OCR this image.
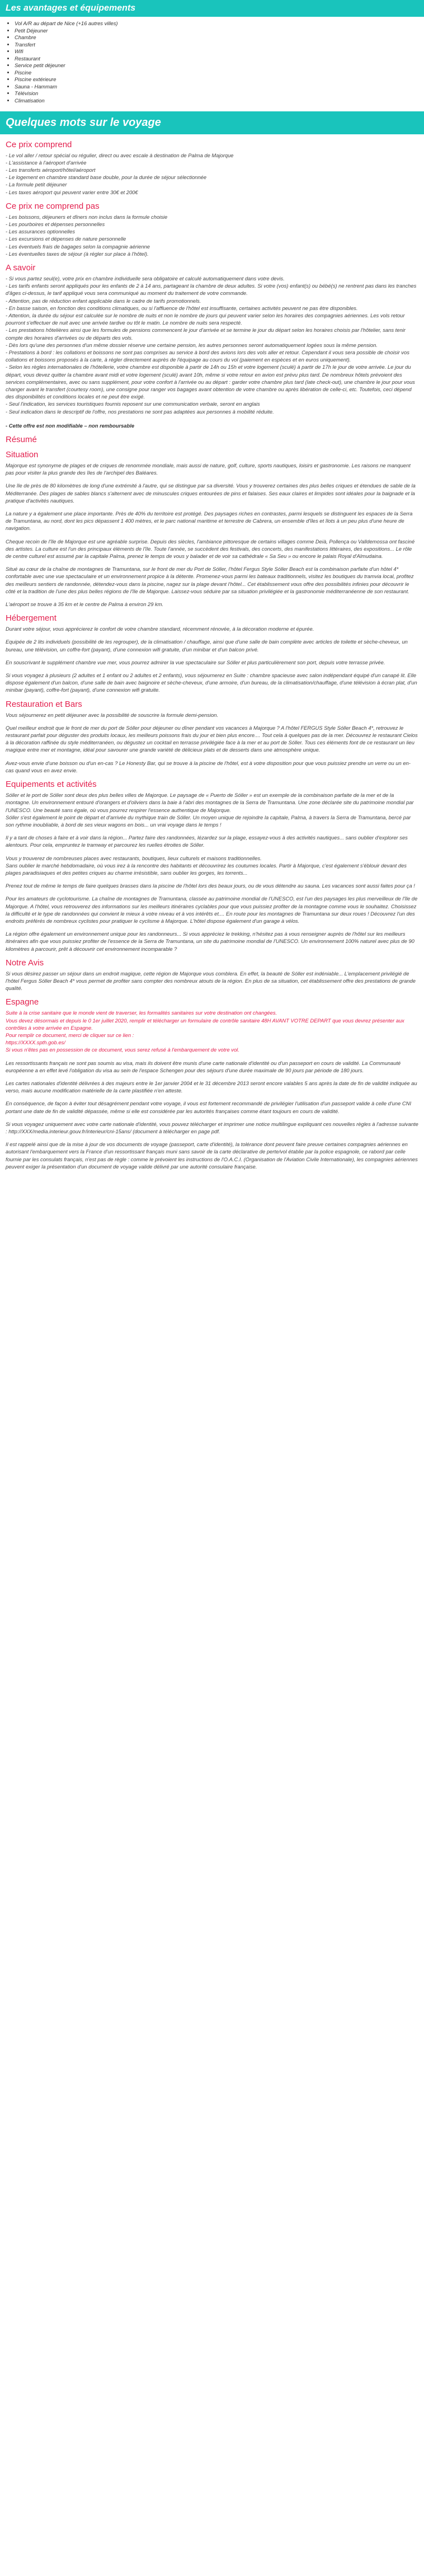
Les avantages et équipements
• Vol A/R au départ de Nice (+16 autres villes)
• Petit Déjeuner
• Chambre
• Transfert
• Wifi
• Restaurant
• Service petit déjeuner
• Piscine
• Piscine extérieure
• Sauna - Hammam
• Télévision
• Climatisation
Quelques mots sur le voyage
Ce prix comprend
- Le vol aller / retour spécial ou régulier, direct ou avec escale à destination de Palma de Majorque
- L'assistance à l'aéroport d'arrivée
- Les transferts aéroport/hôtel/aéroport
- Le logement en chambre standard base double, pour la durée de séjour sélectionnée
- La formule petit déjeuner
- Les taxes aéroport qui peuvent varier entre 30€ et 200€
Ce prix ne comprend pas
- Les boissons, déjeuners et dîners non inclus dans la formule choisie
- Les pourboires et dépenses personnelles
- Les assurances optionnelles
- Les excursions et dépenses de nature personnelle
- Les éventuels frais de bagages selon la compagnie aérienne
- Les éventuelles taxes de séjour (à régler sur place à l'hôtel).
A savoir
- Si vous partez seul(e), votre prix en chambre individuelle sera obligatoire et calculé automatiquement dans votre devis.
- Les tarifs enfants seront appliqués pour les enfants de 2 à 14 ans, partageant la chambre de deux adultes. Si votre (vos) enfant(s) ou bébé(s) ne rentrent pas dans les tranches d'âges ci-dessus, le tarif appliqué vous sera communiqué au moment du traitement de votre commande.
- Attention, pas de réduction enfant applicable dans le cadre de tarifs promotionnels.
- En basse saison, en fonction des conditions climatiques, ou si l'affluence de l'hôtel est insuffisante, certaines activités peuvent ne pas être disponibles.
- Attention, la durée du séjour est calculée sur le nombre de nuits et non le nombre de jours qui peuvent varier selon les horaires des compagnies aériennes. Les vols retour pourront s'effectuer de nuit avec une arrivée tardive ou tôt le matin. Le nombre de nuits sera respecté.
- Les prestations hôtelières ainsi que les formules de pensions commencent le jour d'arrivée et se termine le jour du départ selon les horaires choisis par l'hôtelier, sans tenir compte des horaires d'arrivées ou de départs des vols.
- Dès lors qu'une des personnes d'un même dossier réserve une certaine pension, les autres personnes seront automatiquement logées sous la même pension.
- Prestations à bord : les collations et boissons ne sont pas comprises au service à bord des avions lors des vols aller et retour. Cependant il vous sera possible de choisir vos collations et boissons proposés à la carte, à régler directement auprès de l'équipage au cours du vol (paiement en espèces et en euros uniquement).
- Selon les règles internationales de l'hôtellerie, votre chambre est disponible à partir de 14h ou 15h et votre logement (sculé) à partir de 17h le jour de votre arrivée. Le jour du départ, vous devez quitter la chambre avant midi et votre logement (sculé) avant 10h, même si votre retour en avion est prévu plus tard. De nombreux hôtels prévoient des services complémentaires, avec ou sans supplément, pour votre confort à l'arrivée ou au départ : garder votre chambre plus tard (late check-out), une chambre le jour pour vous changer avant le transfert (courtesy room), une consigne pour ranger vos bagages avant obtention de votre chambre ou après libération de celle-ci, etc. Toutefois, ceci dépend des disponibilités et conditions locales et ne peut être exigé.
- Seul l'indication, les services touristiques fournis reposent sur une communication verbale, seront en anglais
- Seul indication dans le descriptif de l'offre, nos prestations ne sont pas adaptées aux personnes à mobilité réduite.
- Cette offre est non modifiable – non remboursable
Résumé
Situation

Majorque est synonyme de plages et de criques de renommée mondiale, mais aussi de nature, golf, culture, sports nautiques, loisirs et gastronomie. Les raisons ne manquent pas pour visiter la plus grande des îles de l'archipel des Baléares.

Une île de près de 80 kilomètres de long d'une extrémité à l'autre, qui se distingue par sa diversité. Vous y trouverez certaines des plus belles criques et étendues de sable de la Méditerranée. Des plages de sables blancs s'alternent avec de minuscules criques entourées de pins et falaises. Ses eaux claires et limpides sont idéales pour la baignade et la pratique d'activités nautiques.

La nature y a également une place importante. Près de 40% du territoire est protégé. Des paysages riches en contrastes, parmi lesquels se distinguent les espaces de la Serra de Tramuntana, au nord, dont les pics dépassent 1 400 mètres, et le parc national maritime et terrestre de Cabrera, un ensemble d'îles et îlots à un peu plus d'une heure de navigation.

Cheque recoin de l'île de Majorque est une agréable surprise. Depuis des siècles, l'ambiance pittoresque de certains villages comme Deià, Pollença ou Valldemossa ont fasciné des artistes. La culture est l'un des principaux éléments de l'île. Toute l'année, se succèdent des festivals, des concerts, des manifestations littéraires, des expositions... Le rôle de centre culturel est assumé par la capitale Palma, prenez le temps de vous y balader et de voir sa cathédrale « Sa Seu » ou encore le palais Royal d'Almudaina.

Situé au cœur de la chaîne de montagnes de Tramuntana, sur le front de mer du Port de Sóller, l'hôtel Fergus Style Sóller Beach est la combinaison parfaite d'un hôtel 4* confortable avec une vue spectaculaire et un environnement propice à la détente. Promenez-vous parmi les bateaux traditionnels, visitez les boutiques du tramvia local, profitez des meilleurs sentiers de randonnée, détendez-vous dans la piscine, nagez sur la plage devant l'hôtel... Cet établissement vous offre des possibilités infinies pour découvrir le côté et la tradition de l'une des plus belles régions de l'île de Majorque. Laissez-vous séduire par sa situation privilégiée et la gastronomie méditerranéenne de son restaurant.

L'aéroport se trouve à 35 km et le centre de Palma à environ 29 km.

Hébergement

Durant votre séjour, vous apprécierez le confort de votre chambre standard, récemment rénovée, à la décoration moderne et épurée.

Equipée de 2 lits individuels (possibilité de les regrouper), de la climatisation / chauffage, ainsi que d'une salle de bain complète avec articles de toilette et sèche-cheveux, un bureau, une télévision, un coffre-fort (payant), d'une connexion wifi gratuite, d'un minibar et d'un balcon privé.

En souscrivant le supplément chambre vue mer, vous pourrez admirer la vue spectaculaire sur Sóller et plus particulièrement son port, depuis votre terrasse privée.

Si vous voyagez à plusieurs (2 adultes et 1 enfant ou 2 adultes et 2 enfants), vous séjournerez en Suite : chambre spacieuse avec salon indépendant équipé d'un canapé lit. Elle dispose également d'un balcon, d'une salle de bain avec baignoire et sèche-cheveux, d'une armoire, d'un bureau, de la climatisation/chauffage, d'une télévision à écran plat, d'un minibar (payant), coffre-fort (payant), d'une connexion wifi gratuite.

Restauration et Bars

Vous séjournerez en petit déjeuner avec la possibilité de souscrire la formule demi-pension.

Quel meilleur endroit que le front de mer du port de Sóller pour déjeuner ou dîner pendant vos vacances à Majorque ? A l'hôtel FERGUS Style Sóller Beach 4*, retrouvez le restaurant parfait pour déguster des produits locaux, les meilleurs poissons frais du jour et bien plus encore.... Tout cela à quelques pas de la mer. Découvrez le restaurant Cielos à la décoration raffinée du style méditerranéen, ou dégustez un cocktail en terrasse privilégiée face à la mer et au port de Sóller. Tous ces éléments font de ce restaurant un lieu magique entre mer et montagne, idéal pour savourer une grande variété de délicieux plats et de desserts dans une atmosphère unique.

Avez-vous envie d'une boisson ou d'un en-cas ? Le Honesty Bar, qui se trouve à la piscine de l'hôtel, est à votre disposition pour que vous puissiez prendre un verre ou un en-cas quand vous en avez envie.

Equipements et activités

Sóller et le port de Sóller sont deux des plus belles villes de Majorque. Le paysage de « Puerto de Sóller » est un exemple de la combinaison parfaite de la mer et de la montagne. Un environnement entouré d'orangers et d'oliviers dans la baie à l'abri des montagnes de la Serra de Tramuntana. Une zone déclarée site du patrimoine mondial par l'UNESCO. Une beauté sans égale, où vous pourrez respirer l'essence authentique de Majorque.
Sóller s'est également le point de départ et d'arrivée du mythique train de Sóller. Un moyen unique de rejoindre la capitale, Palma, à travers la Serra de Tramuntana, bercé par son rythme inoubliable, à bord de ses vieux wagons en bois... un vrai voyage dans le temps !

Il y a tant de choses à faire et à voir dans la région... Partez faire des randonnées, lézardez sur la plage, essayez-vous à des activités nautiques... sans oublier d'explorer ses alentours. Pour cela, empruntez le tramway et parcourez les ruelles étroites de Sóller.

Vous y trouverez de nombreuses places avec restaurants, boutiques, lieux culturels et maisons traditionnelles.
Sans oublier le marché hebdomadaire, où vous irez à la rencontre des habitants et découvrirez les coutumes locales. Partir à Majorque, c'est également s'éblouir devant des plages paradisiaques et des petites criques au charme irrésistible, sans oublier les gorges, les torrents...

Prenez tout de même le temps de faire quelques brasses dans la piscine de l'hôtel lors des beaux jours, ou de vous détendre au sauna. Les vacances sont aussi faites pour ça !

Pour les amateurs de cyclotourisme. La chaîne de montagnes de Tramuntana, classée au patrimoine mondial de l'UNESCO, est l'un des paysages les plus merveilleux de l'île de Majorque. A l'hôtel, vous retrouverez des informations sur les meilleurs itinéraires cyclables pour que vous puissiez profiter de la montagne comme vous le souhaitez. Choisissez la difficulté et le type de randonnées qui convient le mieux à votre niveau et à vos intérêts et.... En route pour les montagnes de Tramuntana sur deux roues ! Découvrez l'un des endroits préférés de nombreux cyclistes pour pratiquer le cyclisme à Majorque. L'hôtel dispose également d'un garage à vélos.

La région offre également un environnement unique pour les randonneurs... Si vous appréciez le trekking, n'hésitez pas à vous renseigner auprès de l'hôtel sur les meilleurs itinéraires afin que vous puissiez profiter de l'essence de la Serra de Tramuntana, un site du patrimoine mondial de l'UNESCO. Un environnement 100% naturel avec plus de 90 kilomètres à parcourir, prêt à découvrir cet environnement incomparable ?

Notre Avis

Si vous désirez passer un séjour dans un endroit magique, cette région de Majorque vous comblera. En effet, la beauté de Sóller est indéniable... L'emplacement privilégié de l'hôtel Fergus Sóller Beach 4* vous permet de profiter sans compter des nombreux atouts de la région. En plus de sa situation, cet établissement offre des prestations de grande qualité.

Espagne
Suite à la crise sanitaire que le monde vient de traverser, les formalités sanitaires sur votre destination ont changées.
Vous devez désormais et depuis le 0 1er juillet 2020, remplir et télécharger un formulaire de contrôle sanitaire 48H AVANT VOTRE DEPART que vous devrez présenter aux contrôles à votre arrivée en Espagne.
Pour remplir ce document, merci de cliquer sur ce lien :
https://XXXX.spth.gob.es/
Si vous n'êtes pas en possession de ce document, vous serez refusé à l'embarquement de votre vol.

Les ressortissants français ne sont pas soumis au visa, mais ils doivent être munis d'une carte nationale d'identité ou d'un passeport en cours de validité. La Communauté européenne a en effet levé l'obligation du visa au sein de l'espace Schengen pour des séjours d'une durée maximale de 90 jours par période de 180 jours.

Les cartes nationales d'identité délivrées à des majeurs entre le 1er janvier 2004 et le 31 décembre 2013 seront encore valables 5 ans après la date de fin de validité indiquée au verso, mais aucune modification matérielle de la carte plastifiée n'en atteste.

En conséquence, de façon à éviter tout désagrément pendant votre voyage, il vous est fortement recommandé de privilégier l'utilisation d'un passeport valide à celle d'une CNI portant une date de fin de validité dépassée, même si elle est considérée par les autorités françaises comme étant toujours en cours de validité.

Si vous voyagez uniquement avec votre carte nationale d'identité, vous pouvez télécharger et imprimer une notice multilingue expliquant ces nouvelles règles à l'adresse suivante : http://XXX/media.interieur.gouv.fr/interieur/cni-15ans/ (document à télécharger en page pdf.

Il est rappelé ainsi que de la mise à jour de vos documents de voyage (passeport, carte d'identité), la tolérance dont peuvent faire preuve certaines compagnies aériennes en autorisant l'embarquement vers la France d'un ressortissant français muni sans savoir de la carte déclarative de perte/vol établie par la police espagnole, ce rabord par celle fournie par les consulats français, n'est pas de règle : comme le prévoient les instructions de l'O.A.C.I. (Organisation de l'Aviation Civile Internationale), les compagnies aériennes peuvent exiger la présentation d'un document de voyage valide délivré par une autorité consulaire française.
